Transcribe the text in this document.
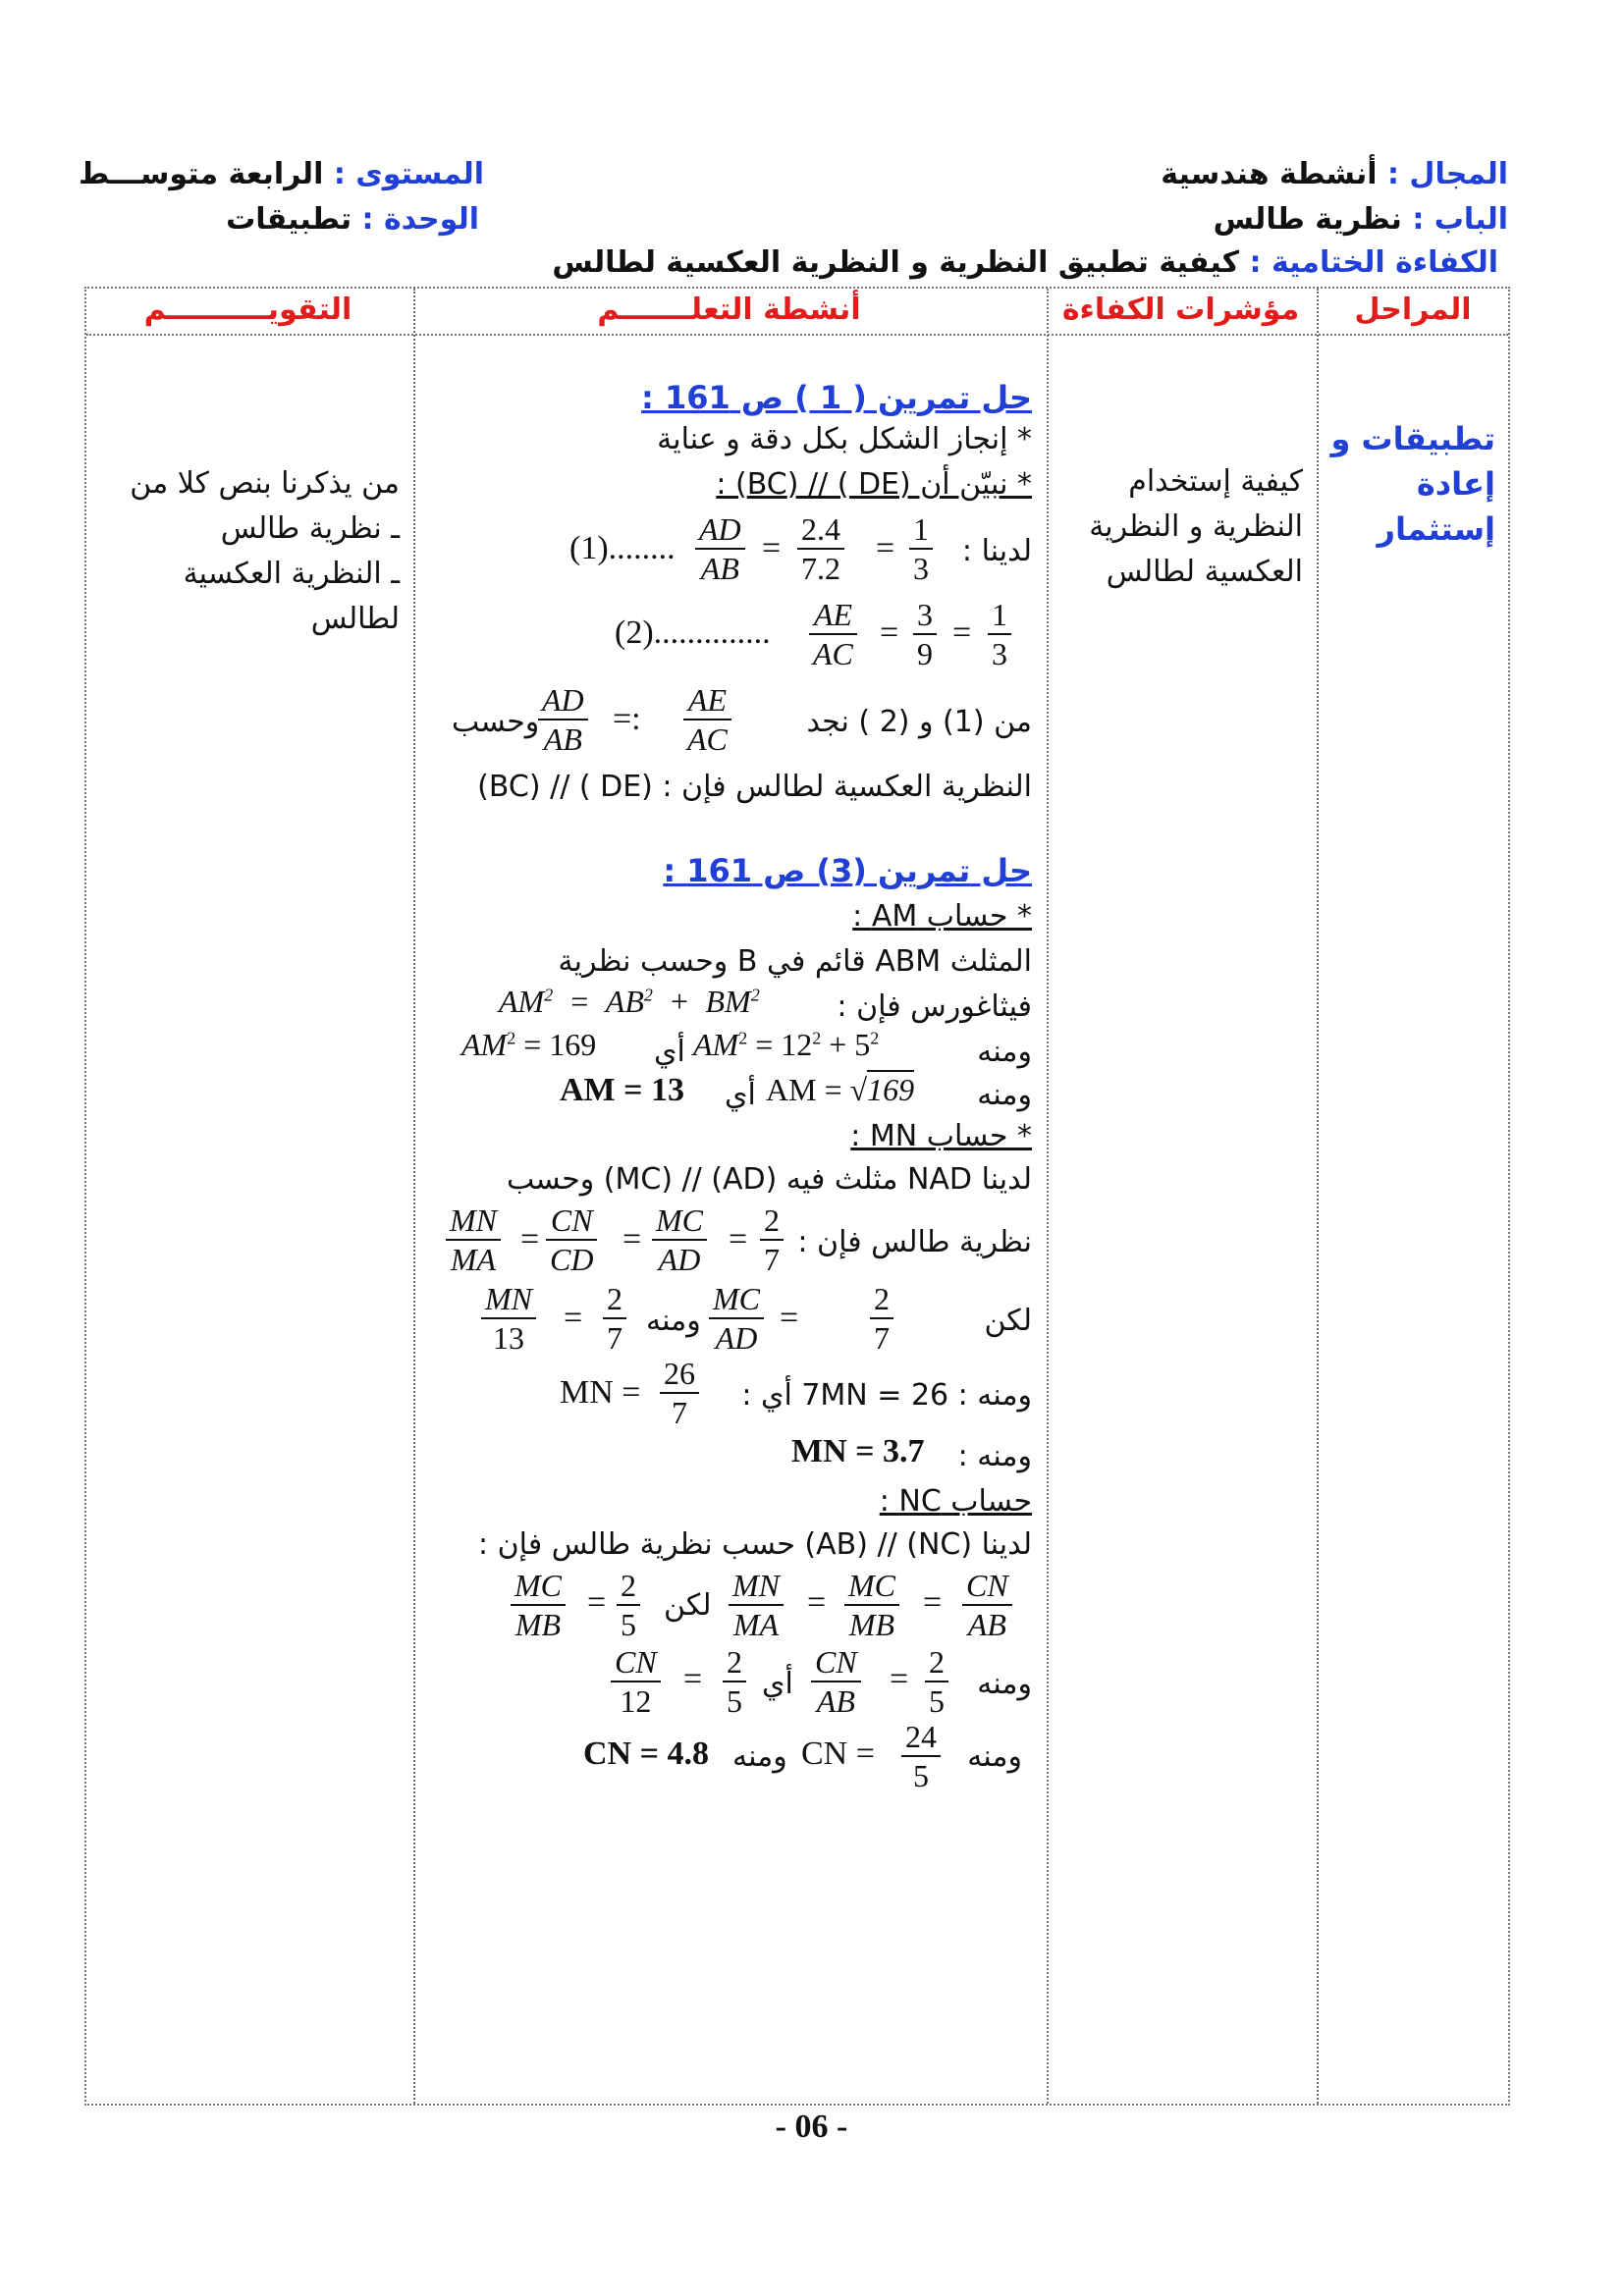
المجال : أنشطة هندسية
المستوى : الرابعة متوســـط
الباب : نظرية طالس
الوحدة : تطبيقات
الكفاءة الختامية : كيفية تطبيق النظرية و النظرية العكسية لطالس
المراحل
مؤشرات الكفاءة
أنشطة التعلـــــــم
التقويــــــــــم
تطبيقات و
إعادة
إستثمار
كيفية إستخدام
النظرية و النظرية
العكسية لطالس
من يذكرنا بنص كلا من
ـ نظرية طالس
ـ النظرية العكسية لطالس
حل تمرين ( 1 ) ص 161 :
* إنجاز الشكل بكل دقة و عناية
* نبيّن أن (DE ) // (BC) :
لدينا :
$\frac{1}{3}$
=
$\frac{2.4}{7.2}$
=
$\frac{AD}{AB}$
(1)........
$\frac{1}{3}$
=
$\frac{3}{9}$
=
$\frac{AE}{AC}$
(2)..............
من (1) و (2 ) نجد
$\frac{AE}{AC}$
=:
$\frac{AD}{AB}$
وحسب
النظرية العكسية لطالس فإن : (DE ) // (BC)
حل تمرين (3) ص 161 :
* حساب AM :
المثلث ABM قائم في B وحسب نظرية
فيثاغورس فإن :
$AM^2 = AB^2 + BM^2$
ومنه
$AM^2 = 12^2 + 5^2$
أي
$AM^2 = 169$
ومنه
AM = √169
أي
AM = 13
* حساب MN :
لدينا NAD مثلث فيه (AD) // (MC) وحسب
نظرية طالس فإن :
$\frac{2}{7}$
=
$\frac{MC}{AD}$
=
$\frac{CN}{CD}$
=
$\frac{MN}{MA}$
لكن
$\frac{2}{7}$
=
$\frac{MC}{AD}$
ومنه
$\frac{2}{7}$
=
$\frac{MN}{13}$
ومنه : 7MN = 26 أي :
MN = $\frac{26}{7}$
ومنه :
MN = 3.7
حساب NC :
لدينا (NC) // (AB) حسب نظرية طالس فإن :
$\frac{CN}{AB}$
=
$\frac{MC}{MB}$
=
$\frac{MN}{MA}$
لكن
$\frac{2}{5}$
=
$\frac{MC}{MB}$
ومنه
$\frac{2}{5}$
=
$\frac{CN}{AB}$
أي
$\frac{2}{5}$
=
$\frac{CN}{12}$
ومنه
$\frac{24}{5}$
CN =
ومنه
CN = 4.8
- 06 -
